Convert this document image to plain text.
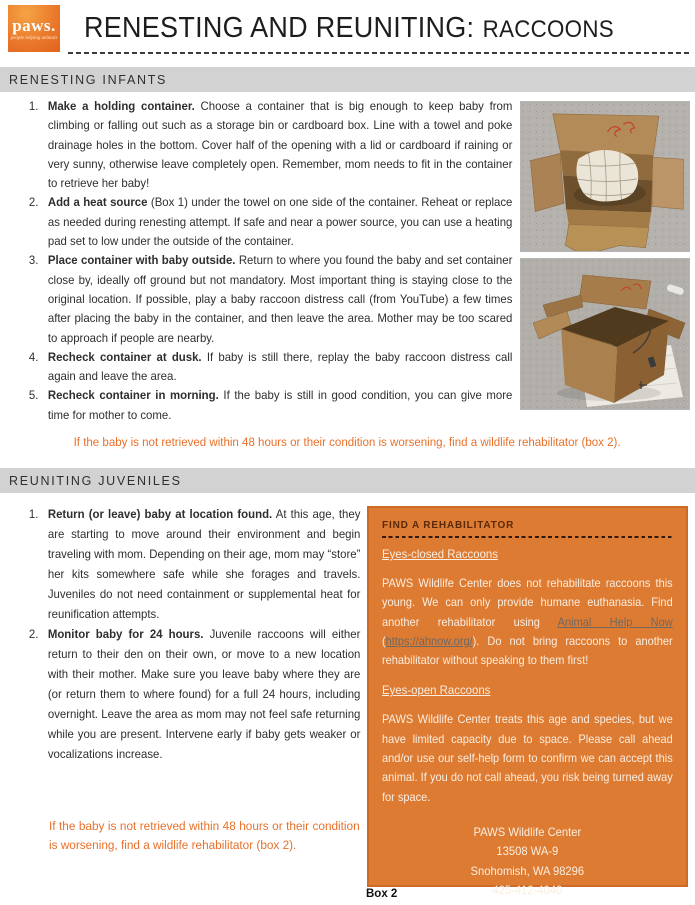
paws.
people helping animals RENESTING AND REUNITING: RACCOONS
RENESTING INFANTS
1. Make a holding container. Choose a container that is big enough to keep baby from climbing or falling out such as a storage bin or cardboard box. Line with a towel and poke drainage holes in the bottom. Cover half of the opening with a lid or cardboard if raining or very sunny, otherwise leave completely open. Remember, mom needs to fit in the container to retrieve her baby!
2. Add a heat source (Box 1) under the towel on one side of the container. Reheat or replace as needed during renesting attempt. If safe and near a power source, you can use a heating pad set to low under the outside of the container.
3. Place container with baby outside. Return to where you found the baby and set container close by, ideally off ground but not mandatory. Most important thing is staying close to the original location. If possible, play a baby raccoon distress call (from YouTube) a few times after placing the baby in the container, and then leave the area. Mother may be too scared to approach if people are nearby.
4. Recheck container at dusk. If baby is still there, replay the baby raccoon distress call again and leave the area.
5. Recheck container in morning. If the baby is still in good condition, you can give more time for mother to come.
If the baby is not retrieved within 48 hours or their condition is worsening, find a wildlife rehabilitator (box 2).
REUNITING JUVENILES
1. Return (or leave) baby at location found. At this age, they are starting to move around their environment and begin traveling with mom. Depending on their age, mom may “store” her kits somewhere safe while she forages and travels. Juveniles do not need containment or supplemental heat for reunification attempts.
2. Monitor baby for 24 hours. Juvenile raccoons will either return to their den on their own, or move to a new location with their mother. Make sure you leave baby where they are (or return them to where found) for a full 24 hours, including overnight. Leave the area as mom may not feel safe returning while you are present. Intervene early if baby gets weaker or vocalizations increase.
If the baby is not retrieved within 48 hours or their condition is worsening, find a wildlife rehabilitator (box 2).
FIND A REHABILITATOR
Eyes-closed Raccoons
PAWS Wildlife Center does not rehabilitate raccoons this young. We can only provide humane euthanasia. Find another rehabilitator using Animal Help Now (https://ahnow.org/). Do not bring raccoons to another rehabilitator without speaking to them first!
Eyes-open Raccoons
PAWS Wildlife Center treats this age and species, but we have limited capacity due to space. Please call ahead and/or use our self-help form to confirm we can accept this animal. If you do not call ahead, you risk being turned away for space.
PAWS Wildlife Center
13508 WA-9
Snohomish, WA 98296
425-412-4040
Box 2
